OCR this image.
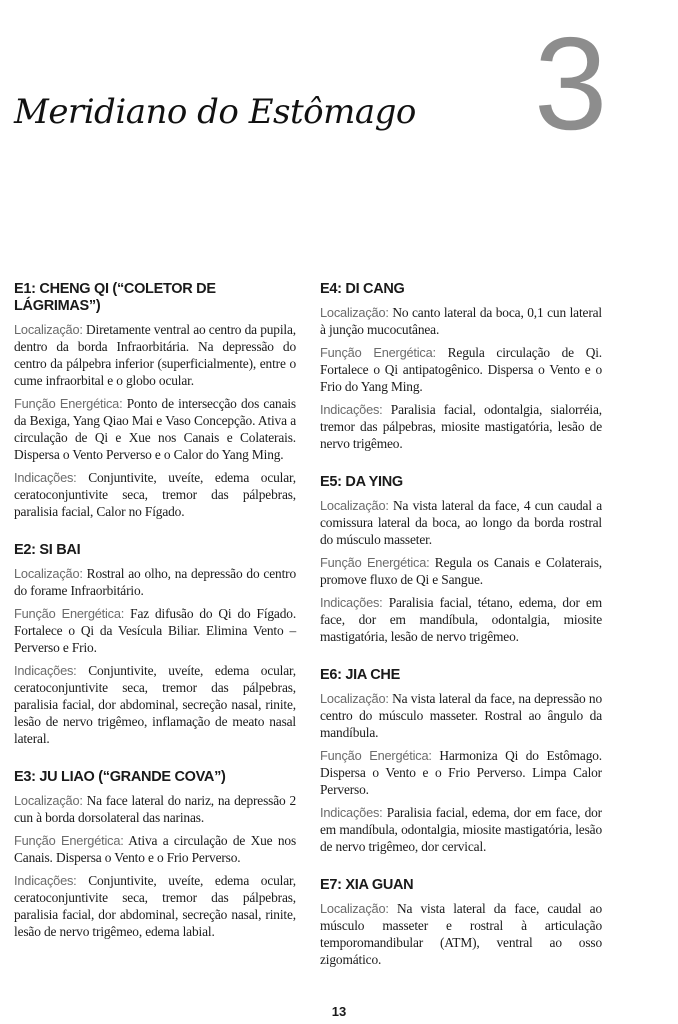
Meridiano do Estômago 3
E1: CHENG QI (“COLETOR DE LÁGRIMAS”)

Localização: Diretamente ventral ao centro da pupila, dentro da borda Infraorbitária. Na depressão do centro da pálpebra inferior (superficialmente), entre o cume infraorbital e o globo ocular.

Função Energética: Ponto de intersecção dos canais da Bexiga, Yang Qiao Mai e Vaso Concepção. Ativa a circulação de Qi e Xue nos Canais e Colaterais. Dispersa o Vento Perverso e o Calor do Yang Ming.

Indicações: Conjuntivite, uveíte, edema ocular, ceratoconjuntivite seca, tremor das pálpebras, paralisia facial, Calor no Fígado.

E2: SI BAI

Localização: Rostral ao olho, na depressão do centro do forame Infraorbitário.

Função Energética: Faz difusão do Qi do Fígado. Fortalece o Qi da Vesícula Biliar. Elimina Vento – Perverso e Frio.

Indicações: Conjuntivite, uveíte, edema ocular, ceratoconjuntivite seca, tremor das pálpebras, paralisia facial, dor abdominal, secreção nasal, rinite, lesão de nervo trigêmeo, inflamação de meato nasal lateral.

E3: JU LIAO (“GRANDE COVA”)

Localização: Na face lateral do nariz, na depressão 2 cun à borda dorsolateral das narinas.

Função Energética: Ativa a circulação de Xue nos Canais. Dispersa o Vento e o Frio Perverso.

Indicações: Conjuntivite, uveíte, edema ocular, ceratoconjuntivite seca, tremor das pálpebras, paralisia facial, dor abdominal, secreção nasal, rinite, lesão de nervo trigêmeo, edema labial.

E4: DI CANG

Localização: No canto lateral da boca, 0,1 cun lateral à junção mucocutânea.

Função Energética: Regula circulação de Qi. Fortalece o Qi antipatogênico. Dispersa o Vento e o Frio do Yang Ming.

Indicações: Paralisia facial, odontalgia, sialorréia, tremor das pálpebras, miosite mastigatória, lesão de nervo trigêmeo.

E5: DA YING

Localização: Na vista lateral da face, 4 cun caudal a comissura lateral da boca, ao longo da borda rostral do músculo masseter.

Função Energética: Regula os Canais e Colaterais, promove fluxo de Qi e Sangue.

Indicações: Paralisia facial, tétano, edema, dor em face, dor em mandíbula, odontalgia, miosite mastigatória, lesão de nervo trigêmeo.

E6: JIA CHE

Localização: Na vista lateral da face, na depressão no centro do músculo masseter. Rostral ao ângulo da mandíbula.

Função Energética: Harmoniza Qi do Estômago. Dispersa o Vento e o Frio Perverso. Limpa Calor Perverso.

Indicações: Paralisia facial, edema, dor em face, dor em mandíbula, odontalgia, miosite mastigatória, lesão de nervo trigêmeo, dor cervical.

E7: XIA GUAN

Localização: Na vista lateral da face, caudal ao músculo masseter e rostral à articulação temporomandibular (ATM), ventral ao osso zigomático.

13
